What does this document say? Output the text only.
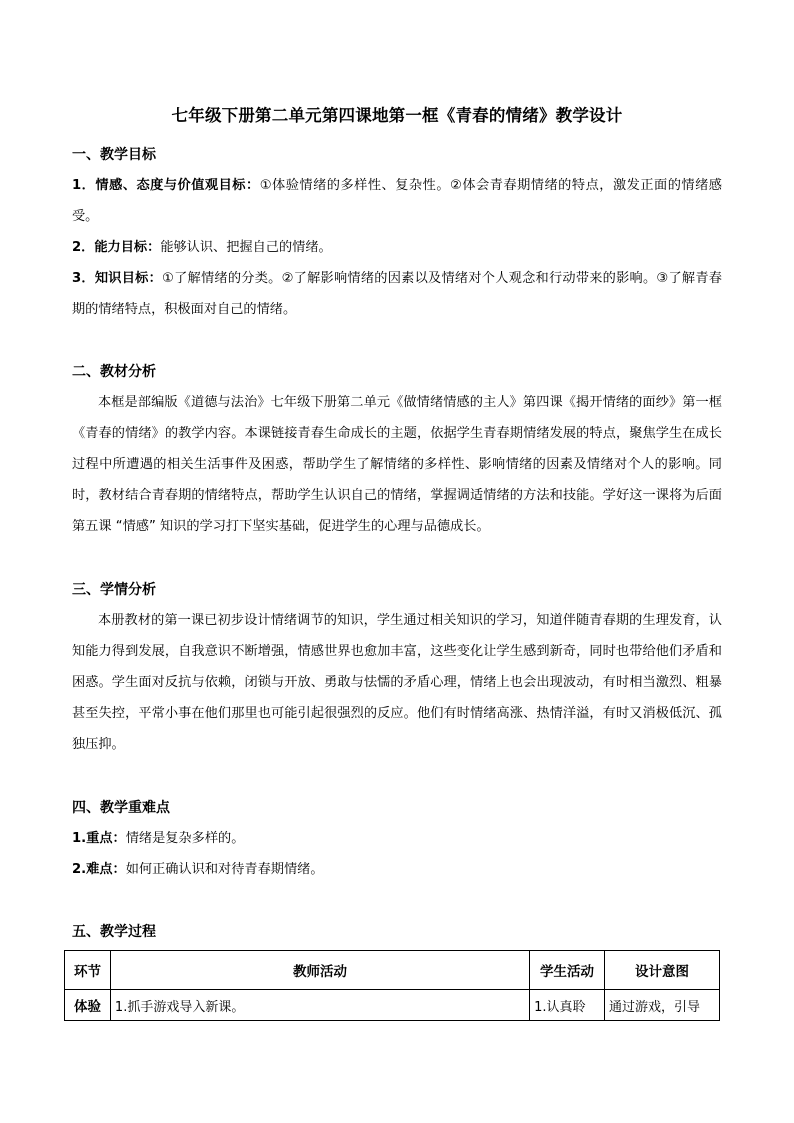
七年级下册第二单元第四课地第一框《青春的情绪》教学设计
一、教学目标
1．情感、态度与价值观目标：①体验情绪的多样性、复杂性。②体会青春期情绪的特点，激发正面的情绪感受。
2．能力目标：能够认识、把握自己的情绪。
3．知识目标：①了解情绪的分类。②了解影响情绪的因素以及情绪对个人观念和行动带来的影响。③了解青春期的情绪特点，积极面对自己的情绪。
二、教材分析
本框是部编版《道德与法治》七年级下册第二单元《做情绪情感的主人》第四课《揭开情绪的面纱》第一框《青春的情绪》的教学内容。本课链接青春生命成长的主题，依据学生青春期情绪发展的特点，聚焦学生在成长过程中所遭遇的相关生活事件及困惑，帮助学生了解情绪的多样性、影响情绪的因素及情绪对个人的影响。同时，教材结合青春期的情绪特点，帮助学生认识自己的情绪，掌握调适情绪的方法和技能。学好这一课将为后面第五课 “情感” 知识的学习打下坚实基础，促进学生的心理与品德成长。
三、学情分析
本册教材的第一课已初步设计情绪调节的知识，学生通过相关知识的学习，知道伴随青春期的生理发育，认知能力得到发展，自我意识不断增强，情感世界也愈加丰富，这些变化让学生感到新奇，同时也带给他们矛盾和困惑。学生面对反抗与依赖，闭锁与开放、勇敢与怯懦的矛盾心理，情绪上也会出现波动，有时相当激烈、粗暴甚至失控，平常小事在他们那里也可能引起很强烈的反应。他们有时情绪高涨、热情洋溢，有时又消极低沉、孤独压抑。
四、教学重难点
1.重点：情绪是复杂多样的。
2.难点：如何正确认识和对待青春期情绪。
五、教学过程
环节	教师活动	学生活动	设计意图
体验	1.抓手游戏导入新课。	1.认真聆	通过游戏，引导
